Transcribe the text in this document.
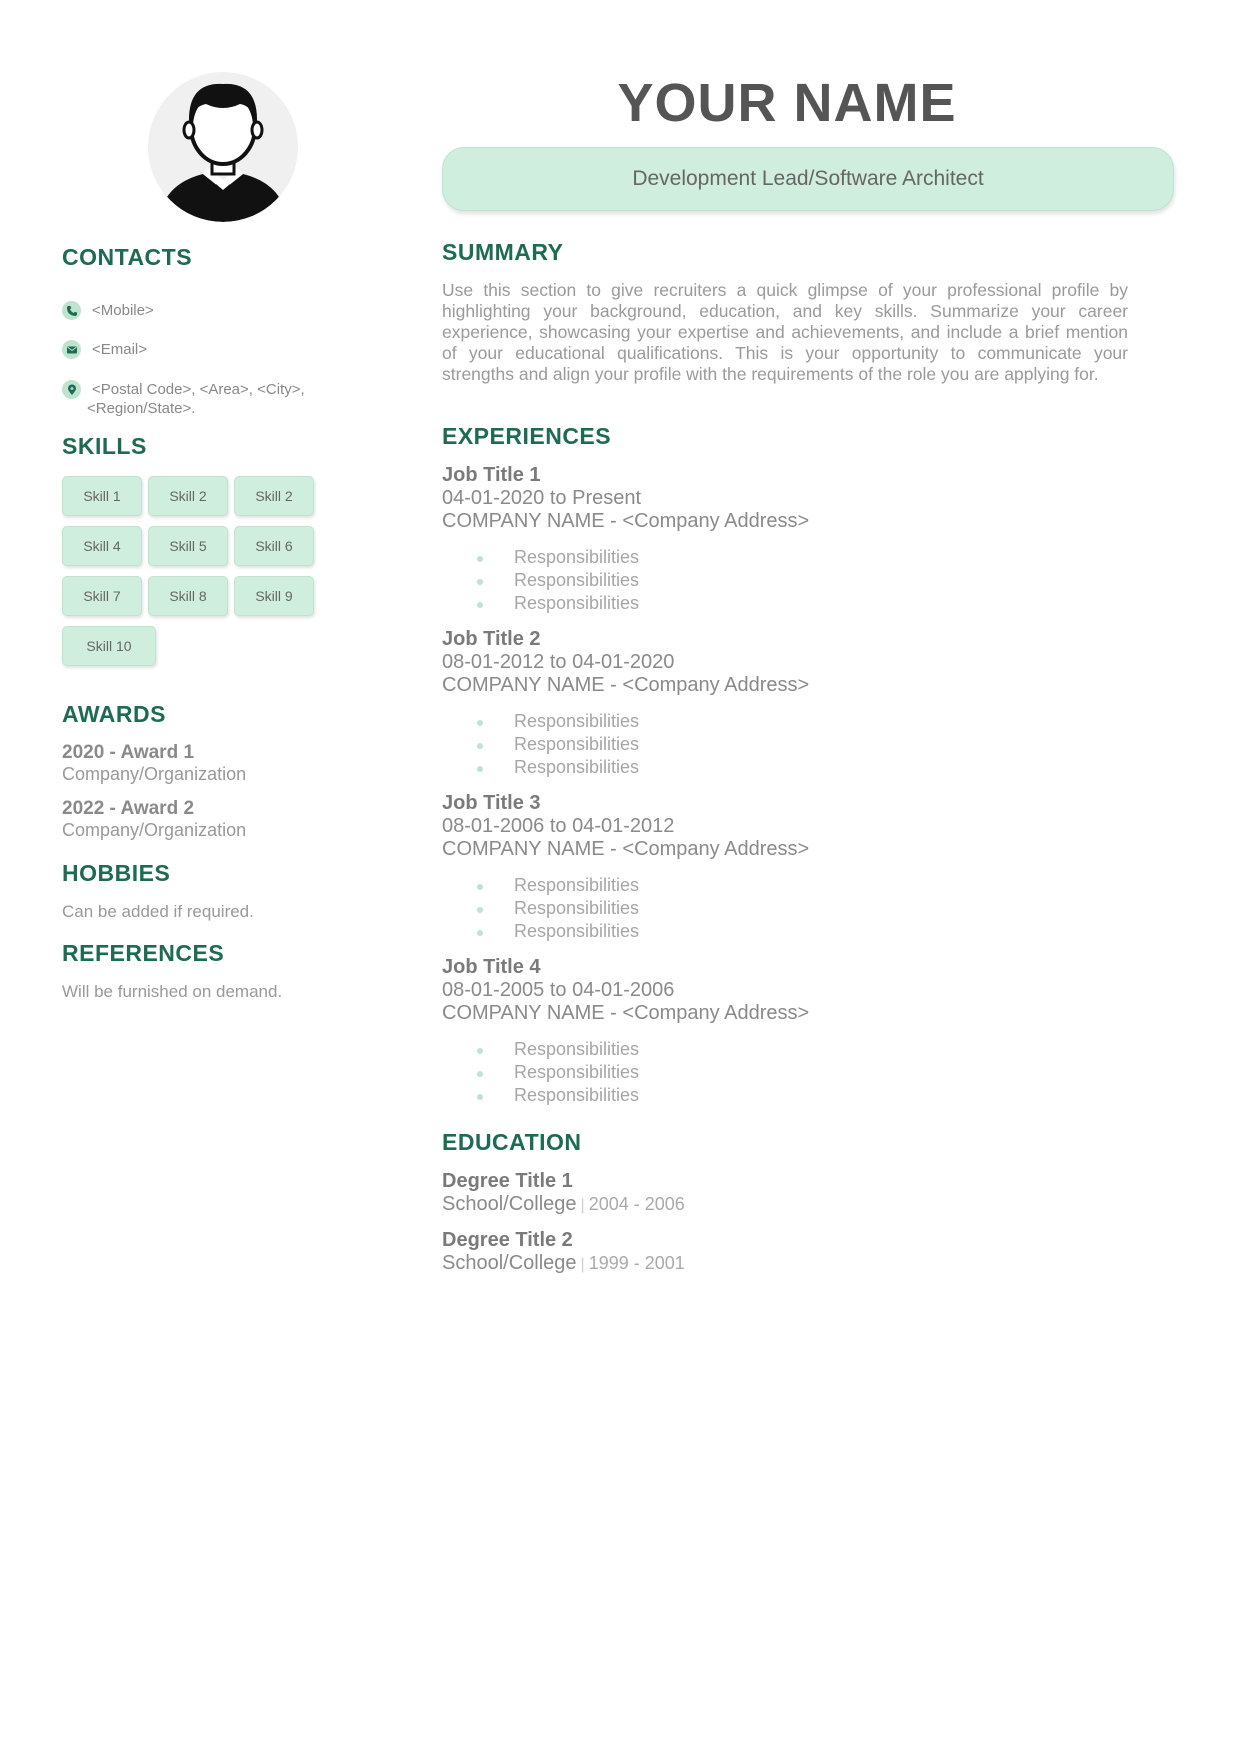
CONTACTS
<Mobile>
<Email>
<Postal Code>, <Area>, <City>,
<Region/State>.
SKILLS
Skill 1	Skill 2	Skill 2
Skill 4	Skill 5	Skill 6
Skill 7	Skill 8	Skill 9
Skill 10
AWARDS
2020 - Award 1
Company/Organization
2022 - Award 2
Company/Organization
HOBBIES
Can be added if required.
REFERENCES
Will be furnished on demand.
YOUR NAME
Development Lead/Software Architect
SUMMARY

Use this section to give recruiters a quick glimpse of your professional profile by highlighting your background, education, and key skills. Summarize your career experience, showcasing your expertise and achievements, and include a brief mention of your educational qualifications. This is your opportunity to communicate your strengths and align your profile with the requirements of the role you are applying for.

EXPERIENCES
Job Title 1
04-01-2020 to Present
COMPANY NAME - <Company Address>
Responsibilities
Responsibilities
Responsibilities
Job Title 2
08-01-2012 to 04-01-2020
COMPANY NAME - <Company Address>
Responsibilities
Responsibilities
Responsibilities
Job Title 3
08-01-2006 to 04-01-2012
COMPANY NAME - <Company Address>
Responsibilities
Responsibilities
Responsibilities
Job Title 4
08-01-2005 to 04-01-2006
COMPANY NAME - <Company Address>
Responsibilities
Responsibilities
Responsibilities
EDUCATION
Degree Title 1
School/College | 2004 - 2006
Degree Title 2
School/College | 1999 - 2001
